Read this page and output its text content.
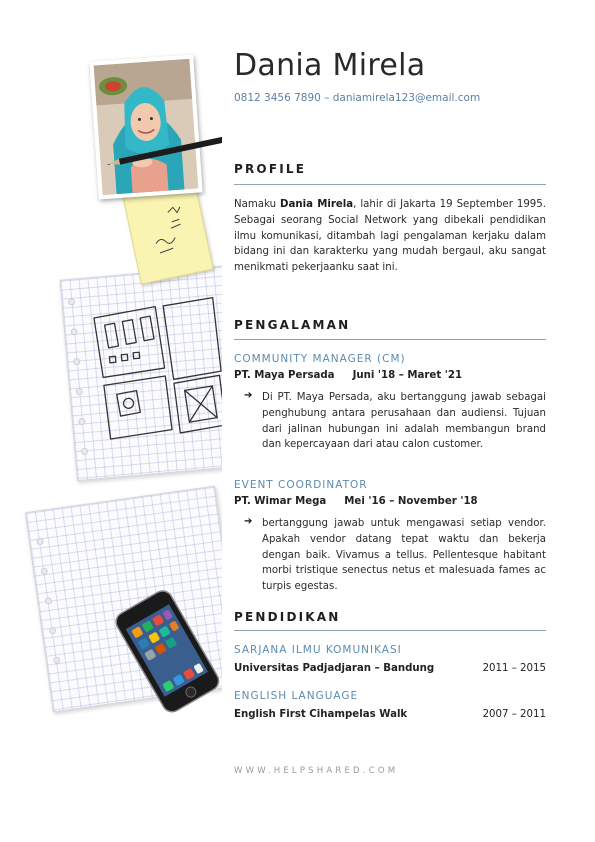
Dania Mirela
0812 3456 7890 – daniamirela123@email.com
PROFILE

Namaku Dania Mirela, lahir di Jakarta 19 September 1995. Sebagai seorang Social Network yang dibekali pendidikan ilmu komunikasi, ditambah lagi pengalaman kerjaku dalam bidang ini dan karakterku yang mudah bergaul, aku sangat menikmati pekerjaanku saat ini.

PENGALAMAN
COMMUNITY MANAGER (CM)
PT. Maya Persada Juni '18 – Maret '21
➔ Di PT. Maya Persada, aku bertanggung jawab sebagai penghubung antara perusahaan dan audiensi. Tujuan dari jalinan hubungan ini adalah membangun brand dan kepercayaan dari atau calon customer.

EVENT COORDINATOR
PT. Wimar Mega Mei '16 – November '18
➔ bertanggung jawab untuk mengawasi setiap vendor. Apakah vendor datang tepat waktu dan bekerja dengan baik. Vivamus a tellus. Pellentesque habitant morbi tristique senectus netus et malesuada fames ac turpis egestas.

PENDIDIKAN
SARJANA ILMU KOMUNIKASI
Universitas Padjadjaran – Bandung	2011 – 2015
ENGLISH LANGUAGE
English First Cihampelas Walk	2007 – 2011
WWW.HELPSHARED.COM
